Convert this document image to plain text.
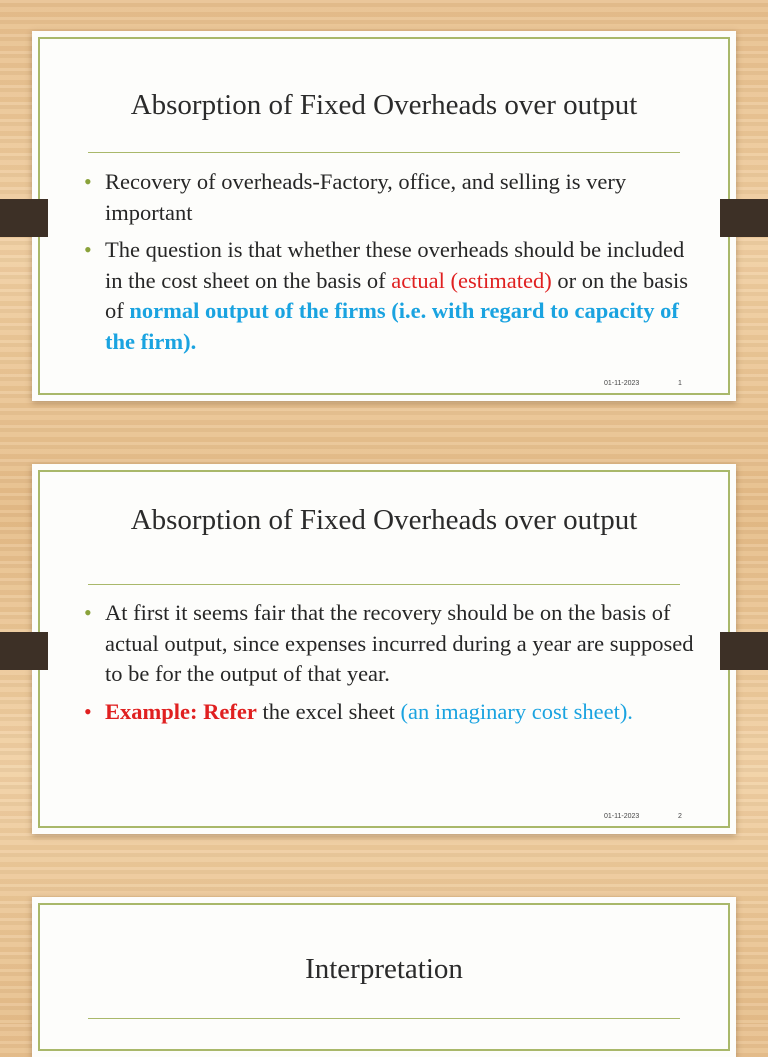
Absorption of Fixed Overheads over output
• Recovery of overheads-Factory, office, and selling is very important
• The question is that whether these overheads should be included in the cost sheet on the basis of actual (estimated) or on the basis of normal output of the firms (i.e. with regard to capacity of the firm).
01-11-2023	1
Absorption of Fixed Overheads over output
• At first it seems fair that the recovery should be on the basis of actual output, since expenses incurred during a year are supposed to be for the output of that year.
• Example: Refer the excel sheet (an imaginary cost sheet).
01-11-2023	2
Interpretation
